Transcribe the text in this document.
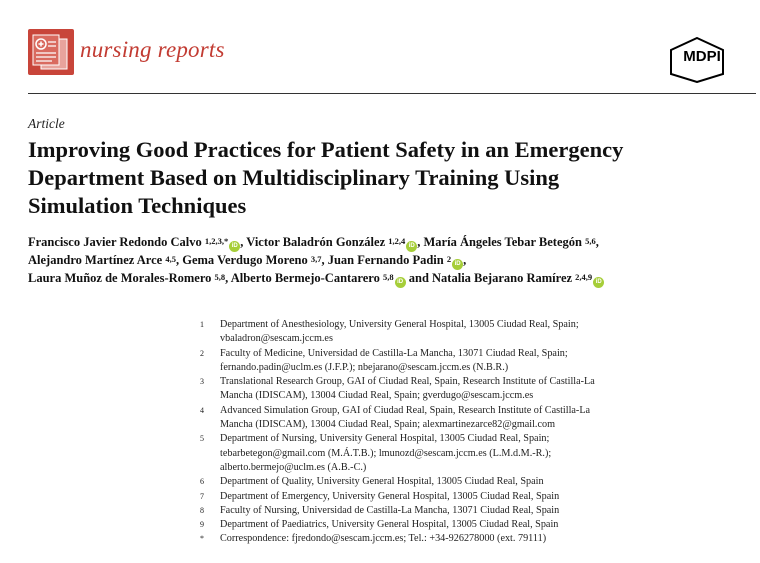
nursing reports	MDPI
Article
Improving Good Practices for Patient Safety in an Emergency
Department Based on Multidisciplinary Training Using
Simulation Techniques
Francisco Javier Redondo Calvo $^{1,2,3,*}$ iD , Victor Baladrón González $^{1,2,4}$ iD , María Ángeles Tebar Betegón $^{5,6}$,
Alejandro Martínez Arce $^{4,5}$, Gema Verdugo Moreno $^{3,7}$, Juan Fernando Padin $^2$ iD ,
Laura Muñoz de Morales-Romero $^{5,8}$, Alberto Bermejo-Cantarero $^{5,8}$ iD and Natalia Bejarano Ramírez $^{2,4,9}$ iD
1	Department of Anesthesiology, University General Hospital, 13005 Ciudad Real, Spain;
vbaladron@sescam.jccm.es
2	Faculty of Medicine, Universidad de Castilla-La Mancha, 13071 Ciudad Real, Spain;
fernando.padin@uclm.es (J.F.P.); nbejarano@sescam.jccm.es (N.B.R.)
3	Translational Research Group, GAI of Ciudad Real, Spain, Research Institute of Castilla-La
Mancha (IDISCAM), 13004 Ciudad Real, Spain; gverdugo@sescam.jccm.es
4	Advanced Simulation Group, GAI of Ciudad Real, Spain, Research Institute of Castilla-La
Mancha (IDISCAM), 13004 Ciudad Real, Spain; alexmartinezarce82@gmail.com
5	Department of Nursing, University General Hospital, 13005 Ciudad Real, Spain;
tebarbetegon@gmail.com (M.Á.T.B.); lmunozd@sescam.jccm.es (L.M.d.M.-R.);
alberto.bermejo@uclm.es (A.B.-C.)
6	Department of Quality, University General Hospital, 13005 Ciudad Real, Spain
7	Department of Emergency, University General Hospital, 13005 Ciudad Real, Spain
8	Faculty of Nursing, Universidad de Castilla-La Mancha, 13071 Ciudad Real, Spain
9	Department of Paediatrics, University General Hospital, 13005 Ciudad Real, Spain
*	Correspondence: fjredondo@sescam.jccm.es; Tel.: +34-926278000 (ext. 79111)
